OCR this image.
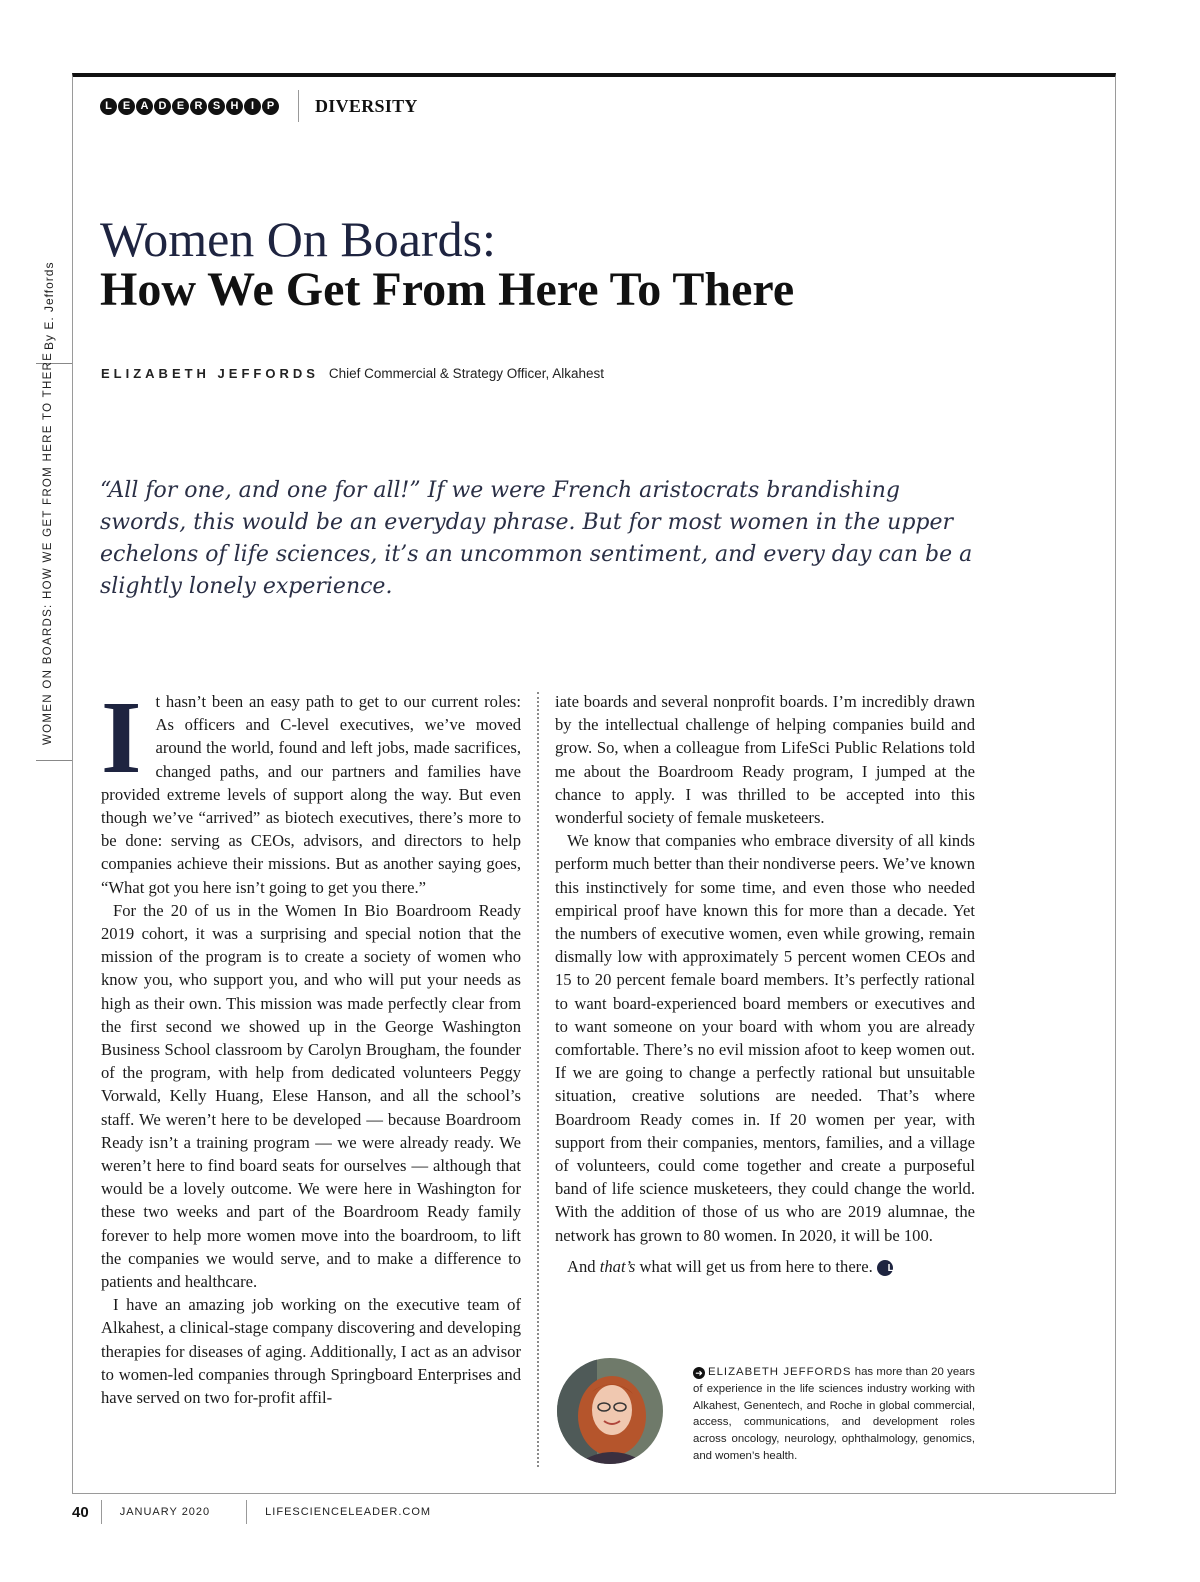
L E A D E R S H	I	P DIVERSITY
By E. Jeffords
WOMEN ON BOARDS: HOW WE GET FROM HERE TO THERE
Women On Boards:
How We Get From Here To There
ELIZABETH JEFFORDS Chief Commercial & Strategy Officer, Alkahest
“All for one, and one for all!” If we were French aristocrats brandishing swords, this would be an everyday phrase. But for most women in the upper echelons of life sciences, it’s an uncommon sentiment, and every day can be a slightly lonely experience.

It hasn’t been an easy path to get to our current roles: As officers and C-level executives, we’ve moved around the world, found and left jobs, made sacrifices, changed paths, and our partners and families have provided extreme levels of support along the way. But even though we’ve “arrived” as biotech executives, there’s more to be done: serving as CEOs, advisors, and directors to help companies achieve their missions. But as another saying goes, “What got you here isn’t going to get you there.”

For the 20 of us in the Women In Bio Boardroom Ready 2019 cohort, it was a surprising and special notion that the mission of the program is to create a society of women who know you, who support you, and who will put your needs as high as their own. This mission was made perfectly clear from the first second we showed up in the George Washington Business School classroom by Carolyn Brougham, the founder of the program, with help from dedicated volunteers Peggy Vorwald, Kelly Huang, Elese Hanson, and all the school’s staff. We weren’t here to be developed — because Boardroom Ready isn’t a training program — we were already ready. We weren’t here to find board seats for ourselves — although that would be a lovely outcome. We were here in Washington for these two weeks and part of the Boardroom Ready family forever to help more women move into the boardroom, to lift the companies we would serve, and to make a difference to patients and healthcare.

I have an amazing job working on the executive team of Alkahest, a clinical-stage company discovering and developing therapies for diseases of aging. Additionally, I act as an advisor to women-led companies through Springboard Enterprises and have served on two for-profit affil-

iate boards and several nonprofit boards. I’m incredibly drawn by the intellectual challenge of helping companies build and grow. So, when a colleague from LifeSci Public Relations told me about the Boardroom Ready program, I jumped at the chance to apply. I was thrilled to be accepted into this wonderful society of female musketeers.

We know that companies who embrace diversity of all kinds perform much better than their nondiverse peers. We’ve known this instinctively for some time, and even those who needed empirical proof have known this for more than a decade. Yet the numbers of executive women, even while growing, remain dismally low with approximately 5 percent women CEOs and 15 to 20 percent female board members. It’s perfectly rational to want board-experienced board members or executives and to want someone on your board with whom you are already comfortable. There’s no evil mission afoot to keep women out. If we are going to change a perfectly rational but unsuitable situation, creative solutions are needed. That’s where Boardroom Ready comes in. If 20 women per year, with support from their companies, mentors, families, and a village of volunteers, could come together and create a purposeful band of life science musketeers, they could change the world. With the addition of those of us who are 2019 alumnae, the network has grown to 80 women. In 2020, it will be 100.

And that’s what will get us from here to there. L

➜ ELIZABETH JEFFORDS has more than 20 years of experience in the life sciences industry working with Alkahest, Genentech, and Roche in global commercial, access, communications, and development roles across oncology, neurology, ophthalmology, genomics, and women’s health.
40	JANUARY 2020	LIFESCIENCELEADER.COM
